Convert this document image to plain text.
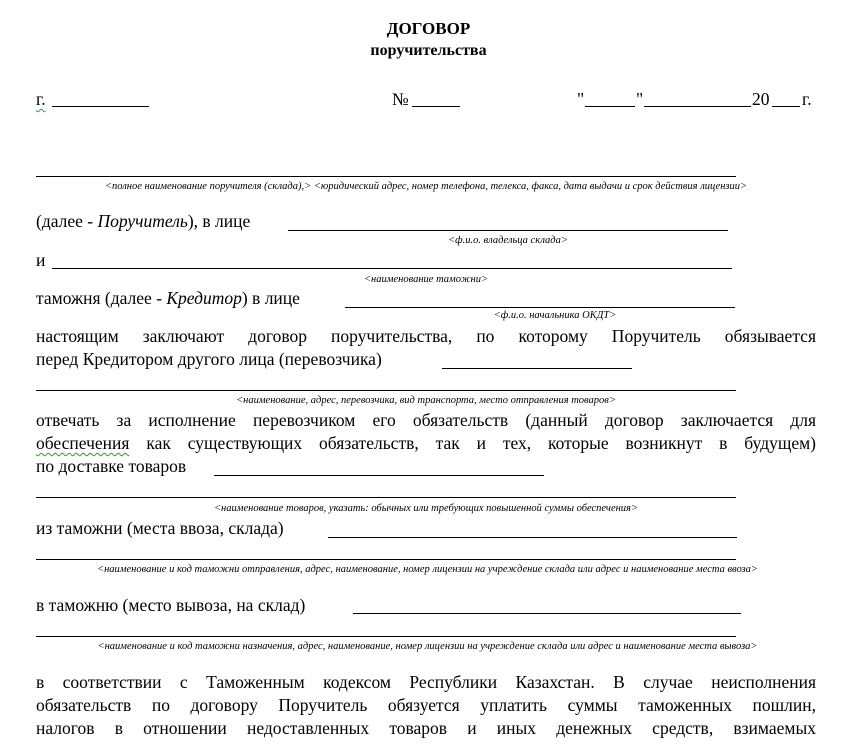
ДОГОВОР
поручительства
г.	№	"	"	20 г.
<полное наименование поручителя (склада),> <юридический адрес, номер телефона, телекса, факса, дата выдачи и срок действия лицензии>
(далее - Поручитель), в лице
<ф.и.о. владельца склада>
и
<наименование таможни>
таможня (далее - Кредитор) в лице
<ф.и.о. начальника ОКДТ>
настоящим заключают договор поручительства, по которому Поручитель обязывается
перед Кредитором другого лица (перевозчика)
<наименование, адрес, перевозчика, вид транспорта, место отправления товаров>
отвечать за исполнение перевозчиком его обязательств (данный договор заключается для
обеспечения как существующих обязательств, так и тех, которые возникнут в будущем)
по доставке товаров
<наименование товаров, указать: обычных или требующих повышенной суммы обеспечения>
из таможни (места ввоза, склада)
<наименование и код таможни отправления, адрес, наименование, номер лицензии на учреждение склада или адрес и наименование места ввоза>
в таможню (место вывоза, на склад)
<наименование и код таможни назначения, адрес, наименование, номер лицензии на учреждение склада или адрес и наименование места вывоза>
в соответствии с Таможенным кодексом Республики Казахстан. В случае неисполнения
обязательств по договору Поручитель обязуется уплатить суммы таможенных пошлин,
налогов в отношении недоставленных товаров и иных денежных средств, взимаемых
